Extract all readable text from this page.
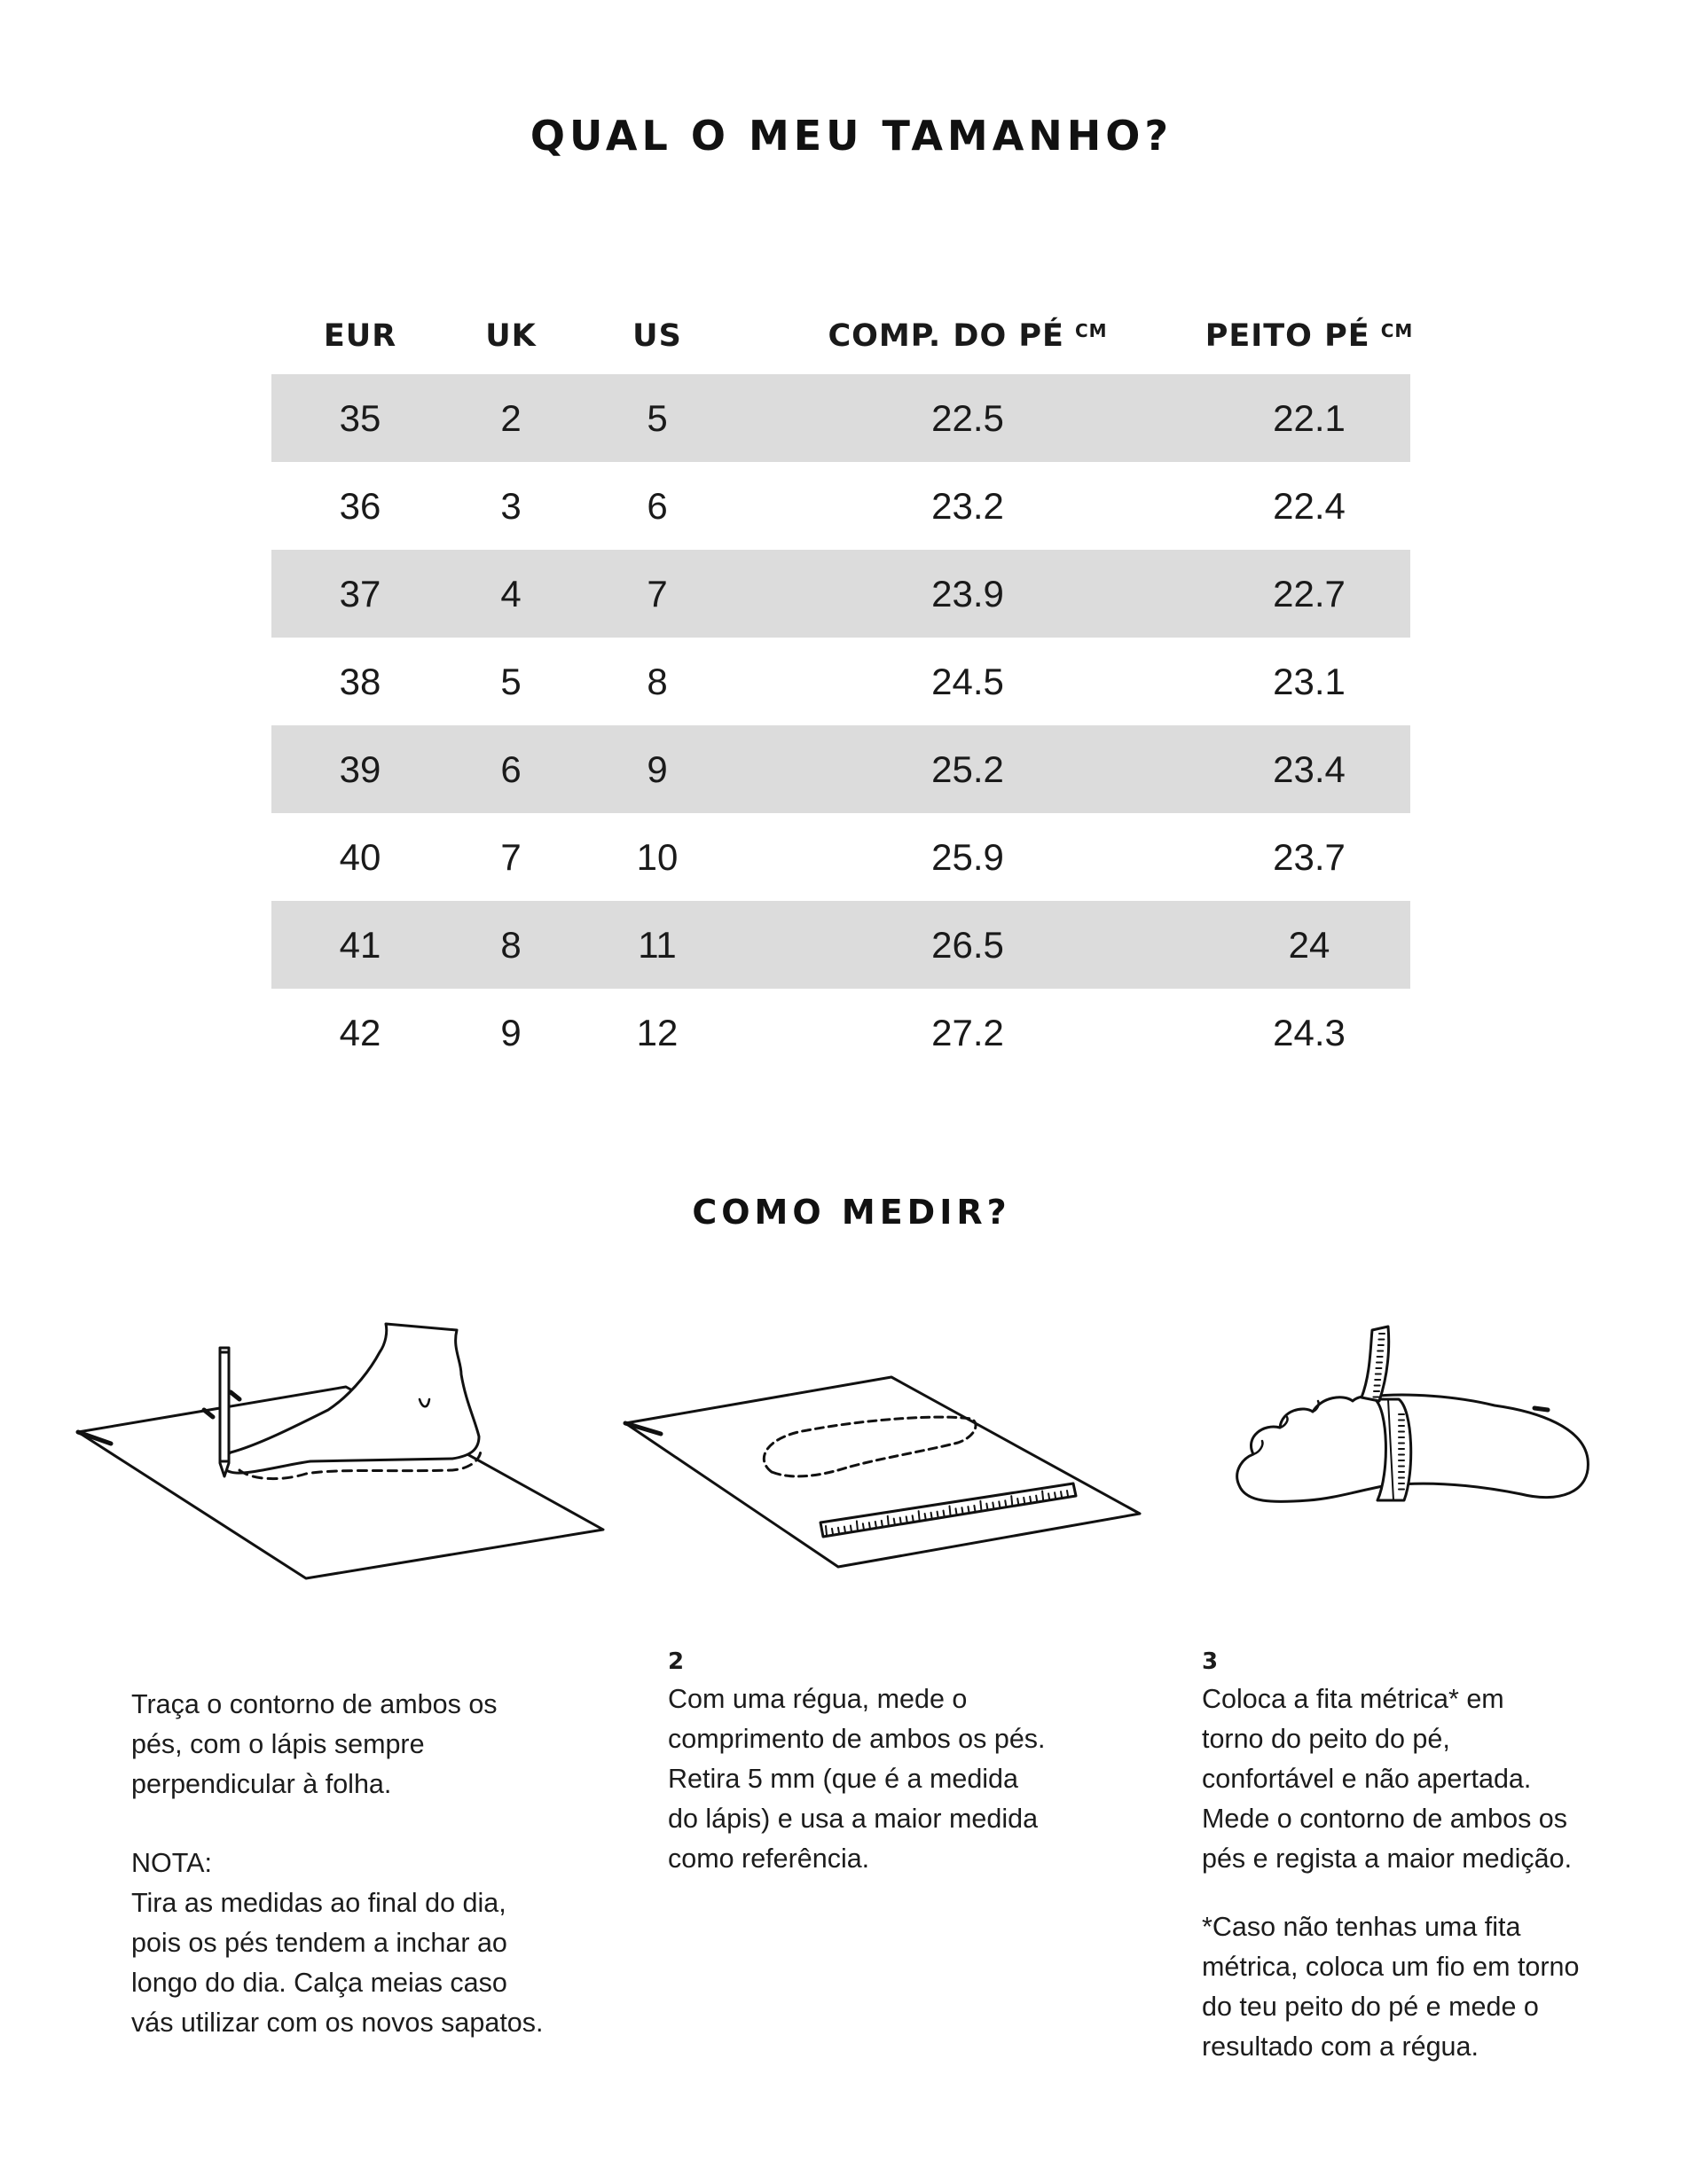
QUAL O MEU TAMANHO?
EUR	UK	US	COMP. DO PÉ $^{CM}$	PEITO PÉ $^{CM}$
35	2	5	22.5	22.1
36	3	6	23.2	22.4
37	4	7	23.9	22.7
38	5	8	24.5	23.1
39	6	9	25.2	23.4
40	7	10	25.9	23.7
41	8	11	26.5	24
42	9	12	27.2	24.3
COMO MEDIR?

Traça o contorno de ambos os
pés, com o lápis sempre
perpendicular à folha.

NOTA:

Tira as medidas ao final do dia,
pois os pés tendem a inchar ao
longo do dia. Calça meias caso
vás utilizar com os novos sapatos.

2

Com uma régua, mede o
comprimento de ambos os pés.
Retira 5 mm (que é a medida
do lápis) e usa a maior medida
como referência.

3

Coloca a fita métrica* em
torno do peito do pé,
confortável e não apertada.
Mede o contorno de ambos os
pés e regista a maior medição.

*Caso não tenhas uma fita
métrica, coloca um fio em torno
do teu peito do pé e mede o
resultado com a régua.
